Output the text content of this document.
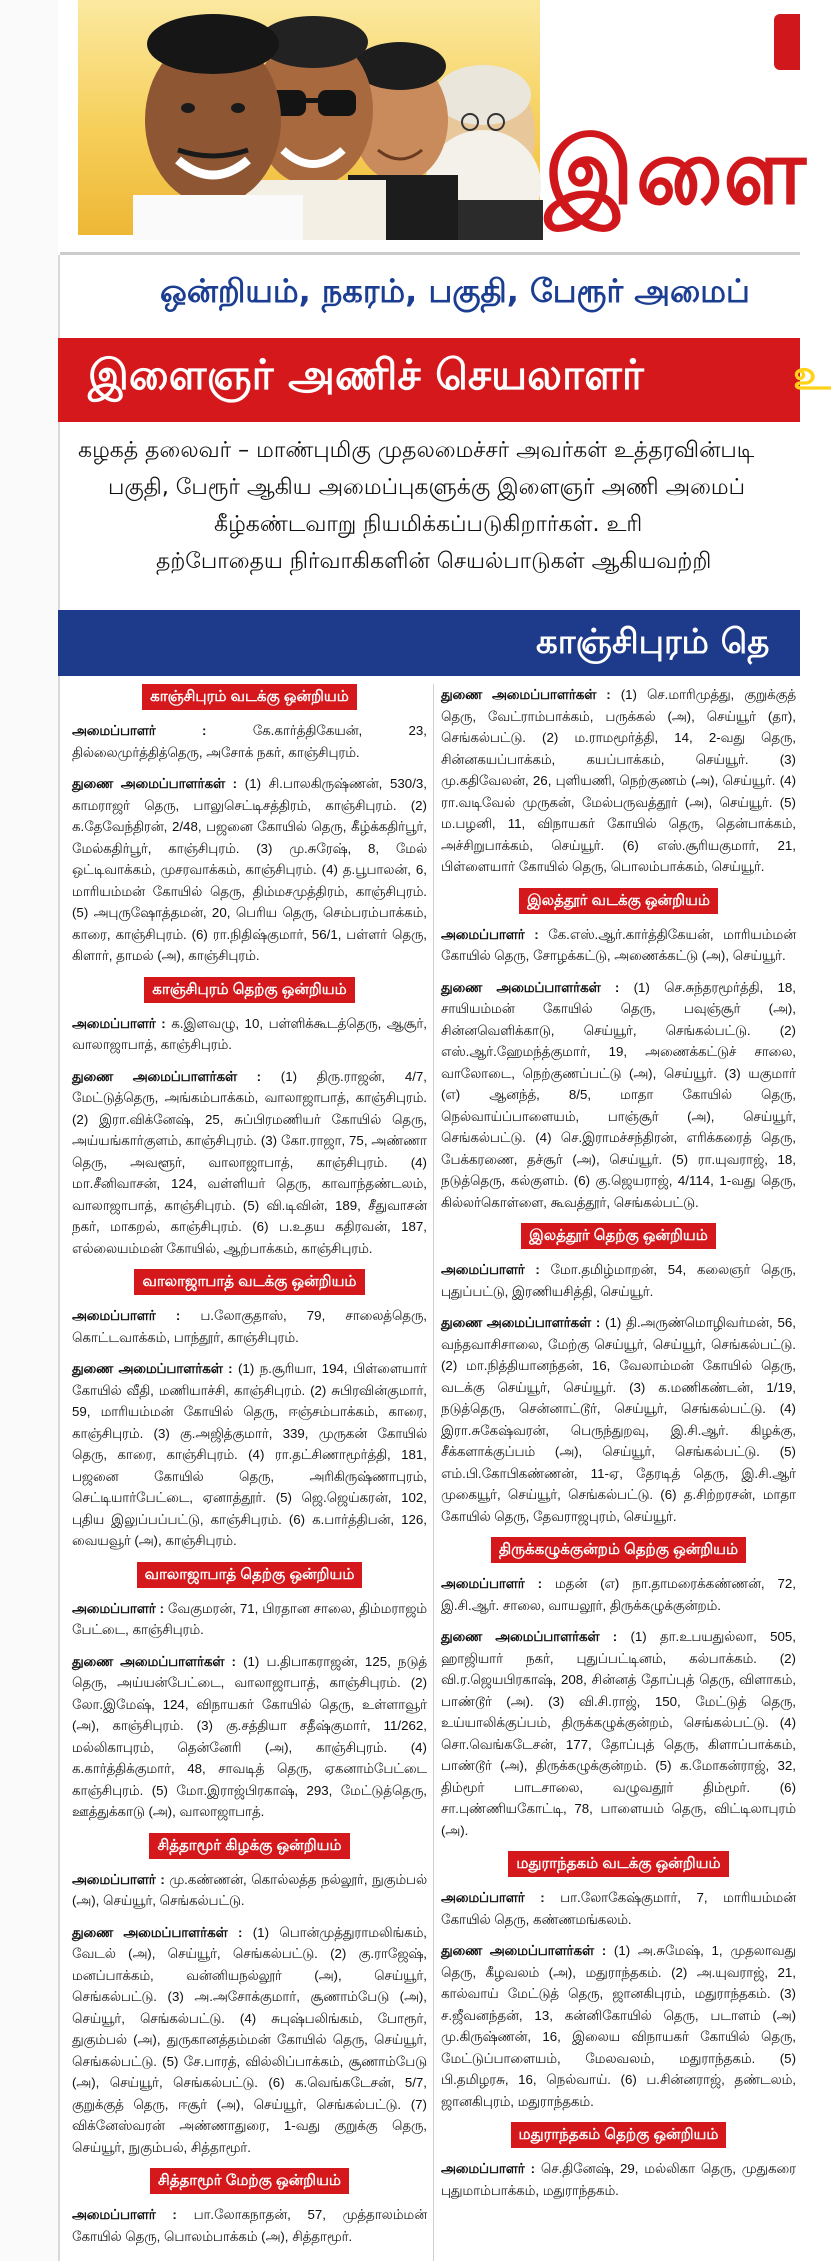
இளை
ஒன்றியம், நகரம், பகுதி, பேரூர் அமைப்
இளைஞர் அணிச் செயலாளர்	உ
கழகத் தலைவர் – மாண்புமிகு முதலமைச்சர் அவர்கள் உத்தரவின்படி
பகுதி, பேரூர் ஆகிய அமைப்புகளுக்கு இளைஞர் அணி அமைப்
கீழ்கண்டவாறு நியமிக்கப்படுகிறார்கள். உரி
தற்போதைய நிர்வாகிகளின் செயல்பாடுகள் ஆகியவற்றி
காஞ்சிபுரம் தெ
காஞ்சிபுரம் வடக்கு ஒன்றியம்
அமைப்பாளர் : கே.கார்த்திகேயன், 23, தில்லைமுர்த்தித்தெரு, அசோக் நகர், காஞ்சிபுரம்.
துணை அமைப்பாளர்கள் : (1) சி.பாலகிருஷ்ணன், 530/3, காமராஜர் தெரு, பாலுசெட்டிசத்திரம், காஞ்சிபுரம். (2) க.தேவேந்திரன், 2/48, பஜனை கோயில் தெரு, கீழ்க்கதிர்பூர், மேல்கதிர்பூர், காஞ்சிபுரம். (3) மு.சுரேஷ், 8, மேல் ஒட்டிவாக்கம், முசரவாக்கம், காஞ்சிபுரம். (4) த.பூபாலன், 6, மாரியம்மன் கோயில் தெரு, திம்மசமுத்திரம், காஞ்சிபுரம். (5) அபுருஷோத்தமன், 20, பெரிய தெரு, செம்பரம்பாக்கம், காரை, காஞ்சிபுரம். (6) ரா.நிதிஷ்குமார், 56/1, பள்ளர் தெரு, கிளார், தாமல் (அ), காஞ்சிபுரம்.
காஞ்சிபுரம் தெற்கு ஒன்றியம்
அமைப்பாளர் : க.இளவழு, 10, பள்ளிக்கூடத்தெரு, ஆசூர், வாலாஜாபாத், காஞ்சிபுரம்.
துணை அமைப்பாளர்கள் : (1) திரு.ராஜன், 4/7, மேட்டுத்தெரு, அங்கம்பாக்கம், வாலாஜாபாத், காஞ்சிபுரம். (2) இரா.விக்னேஷ், 25, சுப்பிரமணியர் கோயில் தெரு, அய்யங்கார்குளம், காஞ்சிபுரம். (3) கோ.ராஜா, 75, அண்ணா தெரு, அவளூர், வாலாஜாபாத், காஞ்சிபுரம். (4) மா.சீனிவாசன், 124, வள்ளியர் தெரு, காவாந்தண்டலம், வாலாஜாபாத், காஞ்சிபுரம். (5) வி.டிவின், 189, சீதுவாசன் நகர், மாகறல், காஞ்சிபுரம். (6) ப.உதய கதிரவன், 187, எல்லையம்மன் கோயில், ஆற்பாக்கம், காஞ்சிபுரம்.
வாலாஜாபாத் வடக்கு ஒன்றியம்
அமைப்பாளர் : ப.லோகுதாஸ், 79, சாலைத்தெரு, கொட்டவாக்கம், பாந்தூர், காஞ்சிபுரம்.
துணை அமைப்பாளர்கள் : (1) ந.சூரியா, 194, பிள்ளையார் கோயில் வீதி, மணியாச்சி, காஞ்சிபுரம். (2) சுபிரவின்குமார், 59, மாரியம்மன் கோயில் தெரு, ஈஞ்சம்பாக்கம், காரை, காஞ்சிபுரம். (3) கு.அஜித்குமார், 339, முருகன் கோயில் தெரு, காரை, காஞ்சிபுரம். (4) ரா.தட்சிணாமூர்த்தி, 181, பஜனை கோயில் தெரு, அரிகிருஷ்ணாபுரம், செட்டியார்பேட்டை, ஏனாத்தூர். (5) ஜெ.ஜெய்கரன், 102, புதிய இலுப்பப்பட்டு, காஞ்சிபுரம். (6) க.பார்த்திபன், 126, வையவூர் (அ), காஞ்சிபுரம்.
வாலாஜாபாத் தெற்கு ஒன்றியம்
அமைப்பாளர் : வேகுமரன், 71, பிரதான சாலை, திம்மராஜம் பேட்டை, காஞ்சிபுரம்.
துணை அமைப்பாளர்கள் : (1) ப.திபாகராஜன், 125, நடுத் தெரு, அய்யன்பேட்டை, வாலாஜாபாத், காஞ்சிபுரம். (2) லோ.இமேஷ், 124, விநாயகர் கோயில் தெரு, உள்ளாவூர் (அ), காஞ்சிபுரம். (3) கு.சத்தியா சதீஷ்குமார், 11/262, மல்லிகாபுரம், தென்னேரி (அ), காஞ்சிபுரம். (4) க.கார்த்திக்குமார், 48, சாவடித் தெரு, ஏகனாம்பேட்டை காஞ்சிபுரம். (5) மோ.இராஜ்பிரகாஷ், 293, மேட்டுத்தெரு, ஊத்துக்காடு (அ), வாலாஜாபாத்.
சித்தாமூர் கிழக்கு ஒன்றியம்
அமைப்பாளர் : மு.கண்ணன், கொல்லத்த நல்லூர், நுகும்பல் (அ), செய்யூர், செங்கல்பட்டு.
துணை அமைப்பாளர்கள் : (1) பொன்முத்துராமலிங்கம், வேடல் (அ), செய்யூர், செங்கல்பட்டு. (2) கு.ராஜேஷ், மனப்பாக்கம், வன்னியநல்லூர் (அ), செய்யூர், செங்கல்பட்டு. (3) அ.அசோக்குமார், சூணாம்பேடு (அ), செய்யூர், செங்கல்பட்டு. (4) சுபுஷ்பலிங்கம், போரூர், துகும்பல் (அ), துருகானத்தம்மன் கோயில் தெரு, செய்யூர், செங்கல்பட்டு. (5) சே.பாரத், வில்லிப்பாக்கம், சூணாம்பேடு (அ), செய்யூர், செங்கல்பட்டு. (6) க.வெங்கடேசன், 5/7, குறுக்குத் தெரு, ஈசூர் (அ), செய்யூர், செங்கல்பட்டு. (7) விக்னேஸ்வரன் அண்ணாதுரை, 1-வது குறுக்கு தெரு, செய்யூர், நுகும்பல், சித்தாமூர்.
சித்தாமூர் மேற்கு ஒன்றியம்
அமைப்பாளர் : பா.லோகநாதன், 57, முத்தாலம்மன் கோயில் தெரு, பொலம்பாக்கம் (அ), சித்தாமூர்.
துணை அமைப்பாளர்கள் : (1) செ.மாரிமுத்து, குறுக்குத் தெரு, வேட்ராம்பாக்கம், பருக்கல் (அ), செய்யூர் (தா), செங்கல்பட்டு. (2) ம.ராமமூர்த்தி, 14, 2-வது தெரு, சின்னகயப்பாக்கம், கயப்பாக்கம், செய்யூர். (3) மு.கதிவேலன், 26, புளியணி, நெற்குணம் (அ), செய்யூர். (4) ரா.வடிவேல் முருகன், மேல்பருவத்தூர் (அ), செய்யூர். (5) ம.பழனி, 11, விநாயகர் கோயில் தெரு, தென்பாக்கம், அச்சிறுபாக்கம், செய்யூர். (6) எஸ்.சூரியகுமார், 21, பிள்ளையார் கோயில் தெரு, பொலம்பாக்கம், செய்யூர்.
இலத்தூர் வடக்கு ஒன்றியம்
அமைப்பாளர் : கே.எஸ்.ஆர்.கார்த்திகேயன், மாரியம்மன் கோயில் தெரு, சோழக்கட்டு, அணைக்கட்டு (அ), செய்யூர்.
துணை அமைப்பாளர்கள் : (1) செ.சுந்தரமூர்த்தி, 18, சாயியம்மன் கோயில் தெரு, பவுஞ்சூர் (அ), சின்னவெளிக்காடு, செய்யூர், செங்கல்பட்டு. (2) எஸ்.ஆர்.ஹேமந்த்குமார், 19, அணைக்கட்டுச் சாலை, வாலோடை, நெற்குணப்பட்டு (அ), செய்யூர். (3) யகுமார் (எ) ஆனந்த், 8/5, மாதா கோயில் தெரு, நெல்வாய்ப்பாளையம், பாஞ்சூர் (அ), செய்யூர், செங்கல்பட்டு. (4) செ.இராமச்சந்திரன், எரிக்கரைத் தெரு, பேக்கரணை, தச்சூர் (அ), செய்யூர். (5) ரா.யுவராஜ், 18, நடுத்தெரு, கல்குளம். (6) கு.ஜெயராஜ், 4/114, 1-வது தெரு, கில்லர்கொள்ளை, கூவத்தூர், செங்கல்பட்டு.
இலத்தூர் தெற்கு ஒன்றியம்
அமைப்பாளர் : மோ.தமிழ்மாறன், 54, கலைஞர் தெரு, புதுப்பட்டு, இரணியசித்தி, செய்யூர்.
துணை அமைப்பாளர்கள் : (1) தி.அருண்மொழிவர்மன், 56, வந்தவாசிசாலை, மேற்கு செய்யூர், செய்யூர், செங்கல்பட்டு. (2) மா.நித்தியானந்தன், 16, வேலாம்மன் கோயில் தெரு, வடக்கு செய்யூர், செய்யூர். (3) க.மணிகண்டன், 1/19, நடுத்தெரு, சென்னாட்டூர், செய்யூர், செங்கல்பட்டு. (4) இரா.சுகேஷ்வரன், பெருந்துறவு, இ.சி.ஆர். கிழக்கு, சீக்களாக்குப்பம் (அ), செய்யூர், செங்கல்பட்டு. (5) எம்.பி.கோபிகண்ணன், 11-ஏ, தேரடித் தெரு, இ.சி.ஆர் முகையூர், செய்யூர், செங்கல்பட்டு. (6) த.சிற்றரசன், மாதா கோயில் தெரு, தேவராஜபுரம், செய்யூர்.
திருக்கழுக்குன்றம் தெற்கு ஒன்றியம்
அமைப்பாளர் : மதன் (எ) நா.தாமரைக்கண்ணன், 72, இ.சி.ஆர். சாலை, வாயலூர், திருக்கழுக்குன்றம்.
துணை அமைப்பாளர்கள் : (1) தா.உபயதுல்லா, 505, ஹாஜியார் நகர், புதுப்பட்டினம், கல்பாக்கம். (2) வி.ர.ஜெயபிரகாஷ், 208, சின்னத் தோப்புத் தெரு, விளாகம், பாண்டூர் (அ). (3) வி.சி.ராஜ், 150, மேட்டுத் தெரு, உய்யாலிக்குப்பம், திருக்கழுக்குன்றம், செங்கல்பட்டு. (4) சொ.வெங்கடேசன், 177, தோப்புத் தெரு, கிளாப்பாக்கம், பாண்டூர் (அ), திருக்கழுக்குன்றம். (5) க.மோகன்ராஜ், 32, திம்மூர் பாடசாலை, வழுவதூர் திம்மூர். (6) சா.புண்ணியகோட்டி, 78, பாளையம் தெரு, விட்டிலாபுரம் (அ).
மதுராந்தகம் வடக்கு ஒன்றியம்
அமைப்பாளர் : பா.லோகேஷ்குமார், 7, மாரியம்மன் கோயில் தெரு, கண்ணமங்கலம்.
துணை அமைப்பாளர்கள் : (1) அ.சுமேஷ், 1, முதலாவது தெரு, கீழவலம் (அ), மதுராந்தகம். (2) அ.யுவராஜ், 21, கால்வாய் மேட்டுத் தெரு, ஜானகிபுரம், மதுராந்தகம். (3) ச.ஜீவனந்தன், 13, கன்னிகோயில் தெரு, படாளம் (அ) மு.கிருஷ்ணன், 16, இலைய விநாயகர் கோயில் தெரு, மேட்டுப்பாளையம், மேலவலம், மதுராந்தகம். (5) பி.தமிழரசு, 16, நெல்வாய். (6) ப.சின்னராஜ், தண்டலம், ஜானகிபுரம், மதுராந்தகம்.
மதுராந்தகம் தெற்கு ஒன்றியம்
அமைப்பாளர் : செ.தினேஷ், 29, மல்லிகா தெரு, முதுகரை புதுமாம்பாக்கம், மதுராந்தகம்.
